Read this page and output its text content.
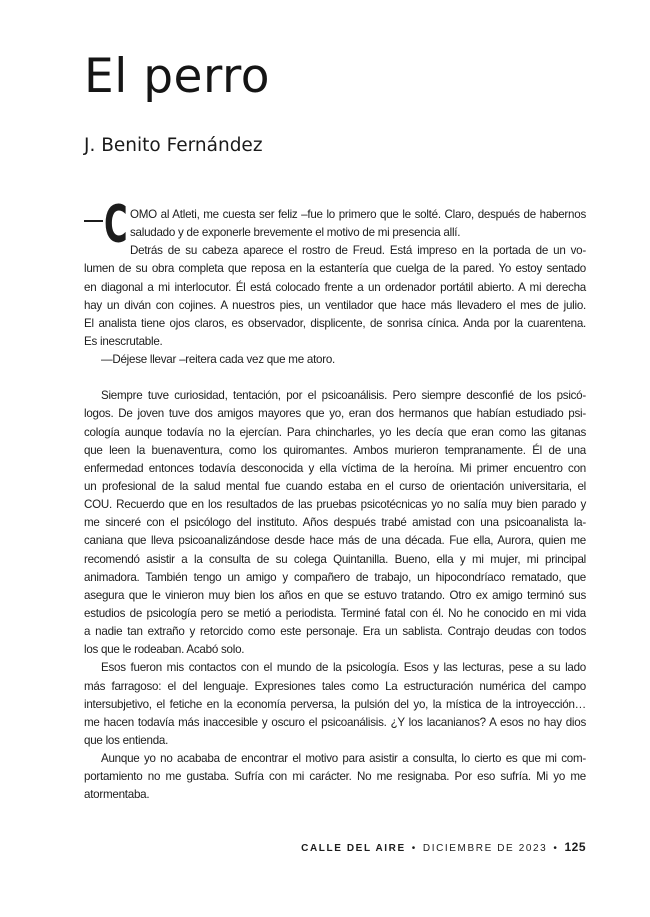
El perro
J. Benito Fernández
C OMO al Atleti, me cuesta ser feliz –fue lo primero que le solté. Claro, después de habernos
saludado y de exponerle brevemente el motivo de mi presencia allí.
Detrás de su cabeza aparece el rostro de Freud. Está impreso en la portada de un vo-
lumen de su obra completa que reposa en la estantería que cuelga de la pared. Yo estoy sentado
en diagonal a mi interlocutor. Él está colocado frente a un ordenador portátil abierto. A mi derecha
hay un diván con cojines. A nuestros pies, un ventilador que hace más llevadero el mes de julio.
El analista tiene ojos claros, es observador, displicente, de sonrisa cínica. Anda por la cuarentena.
Es inescrutable.
—Déjese llevar –reitera cada vez que me atoro.
Siempre tuve curiosidad, tentación, por el psicoanálisis. Pero siempre desconfié de los psicó-
logos. De joven tuve dos amigos mayores que yo, eran dos hermanos que habían estudiado psi-
cología aunque todavía no la ejercían. Para chincharles, yo les decía que eran como las gitanas
que leen la buenaventura, como los quiromantes. Ambos murieron tempranamente. Él de una
enfermedad entonces todavía desconocida y ella víctima de la heroína. Mi primer encuentro con
un profesional de la salud mental fue cuando estaba en el curso de orientación universitaria, el
COU. Recuerdo que en los resultados de las pruebas psicotécnicas yo no salía muy bien parado y
me sinceré con el psicólogo del instituto. Años después trabé amistad con una psicoanalista la-
caniana que lleva psicoanalizándose desde hace más de una década. Fue ella, Aurora, quien me
recomendó asistir a la consulta de su colega Quintanilla. Bueno, ella y mi mujer, mi principal
animadora. También tengo un amigo y compañero de trabajo, un hipocondríaco rematado, que
asegura que le vinieron muy bien los años en que se estuvo tratando. Otro ex amigo terminó sus
estudios de psicología pero se metió a periodista. Terminé fatal con él. No he conocido en mi vida
a nadie tan extraño y retorcido como este personaje. Era un sablista. Contrajo deudas con todos
los que le rodeaban. Acabó solo.
Esos fueron mis contactos con el mundo de la psicología. Esos y las lecturas, pese a su lado
más farragoso: el del lenguaje. Expresiones tales como La estructuración numérica del campo
intersubjetivo, el fetiche en la economía perversa, la pulsión del yo, la mística de la introyección…
me hacen todavía más inaccesible y oscuro el psicoanálisis. ¿Y los lacanianos? A esos no hay dios
que los entienda.
Aunque yo no acababa de encontrar el motivo para asistir a consulta, lo cierto es que mi com-
portamiento no me gustaba. Sufría con mi carácter. No me resignaba. Por eso sufría. Mi yo me
atormentaba.
CALLE DEL AIRE • DICIEMBRE DE 2023 • 125
